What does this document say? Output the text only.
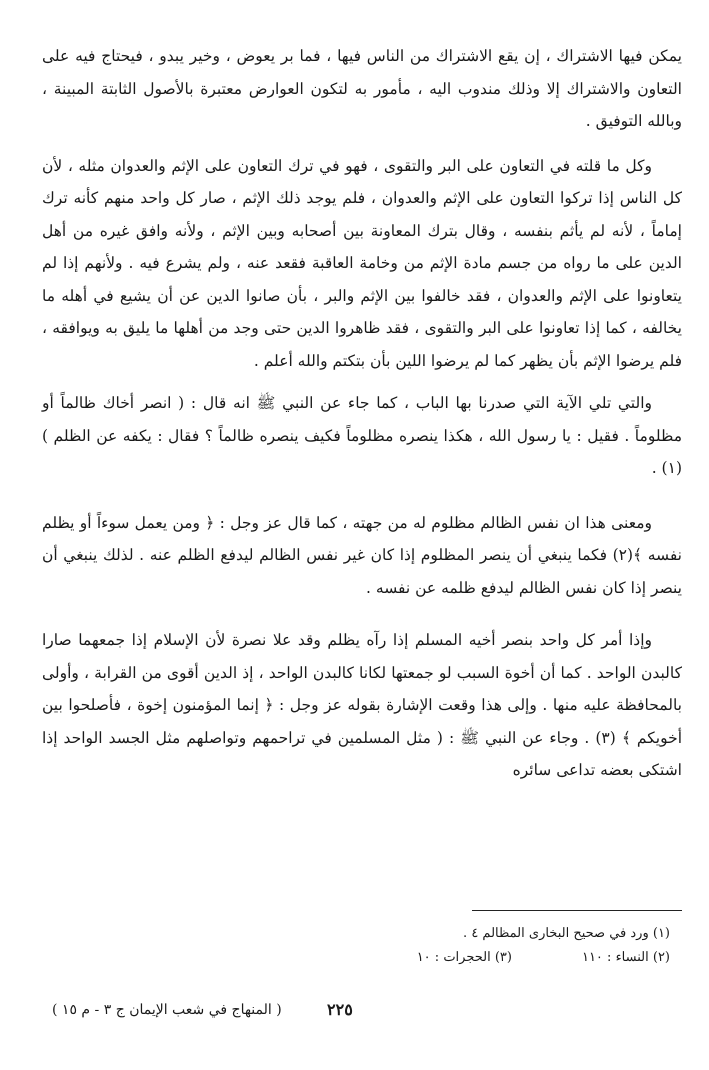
يمكن فيها الاشتراك ، إن يقع الاشتراك من الناس فيها ، فما بر يعوض ، وخير يبدو ، فيحتاج فيه على التعاون والاشتراك إلا وذلك مندوب اليه ، مأمور به لتكون العوارض معتبرة بالأصول الثابتة المبينة ، وبالله التوفيق .

وكل ما قلته في التعاون على البر والتقوى ، فهو في ترك التعاون على الإثم والعدوان مثله ، لأن كل الناس إذا تركوا التعاون على الإثم والعدوان ، فلم يوجد ذلك الإثم ، صار كل واحد منهم كأنه ترك إماماً ، لأنه لم يأثم بنفسه ، وقال بترك المعاونة بين أصحابه وبين الإثم ، ولأنه وافق غيره من أهل الدين على ما رواه من جسم مادة الإثم من وخامة العاقبة فقعد عنه ، ولم يشرع فيه . ولأنهم إذا لم يتعاونوا على الإثم والعدوان ، فقد خالفوا بين الإثم والبر ، بأن صانوا الدين عن أن يشيع في أهله ما يخالفه ، كما إذا تعاونوا على البر والتقوى ، فقد ظاهروا الدين حتى وجد من أهلها ما يليق به ويوافقه ، فلم يرضوا الإثم بأن يظهر كما لم يرضوا اللين بأن بتكتم والله أعلم .

والتي تلي الآية التي صدرنا بها الباب ، كما جاء عن النبي ﷺ انه قال : ( انصر أخاك ظالماً أو مظلوماً . فقيل : يا رسول الله ، هكذا ينصره مظلوماً فكيف ينصره ظالماً ؟ فقال : يكفه عن الظلم ) (١) .

ومعنى هذا ان نفس الظالم مظلوم له من جهته ، كما قال عز وجل : ﴿ ومن يعمل سوءاً أو يظلم نفسه ﴾(٢) فكما ينبغي أن ينصر المظلوم إذا كان غير نفس الظالم ليدفع الظلم عنه . لذلك ينبغي أن ينصر إذا كان نفس الظالم ليدفع ظلمه عن نفسه .

وإذا أمر كل واحد بنصر أخيه المسلم إذا رآه يظلم وقد علا نصرة لأن الإسلام إذا جمعهما صارا كالبدن الواحد . كما أن أخوة السبب لو جمعتها لكانا كالبدن الواحد ، إذ الدين أقوى من القرابة ، وأولى بالمحافظة عليه منها . وإلى هذا وقعت الإشارة بقوله عز وجل : ﴿ إنما المؤمنون إخوة ، فأصلحوا بين أخويكم ﴾ (٣) . وجاء عن النبي ﷺ : ( مثل المسلمين في تراحمهم وتواصلهم مثل الجسد الواحد إذا اشتكى بعضه تداعى سائره

(١) ورد في صحيح البخارى المظالم ٤ .
(٢) النساء : ١١٠
(٣) الحجرات : ١٠
٢٢٥
( المنهاج في شعب الإيمان ج ٣ - م ١٥ )
